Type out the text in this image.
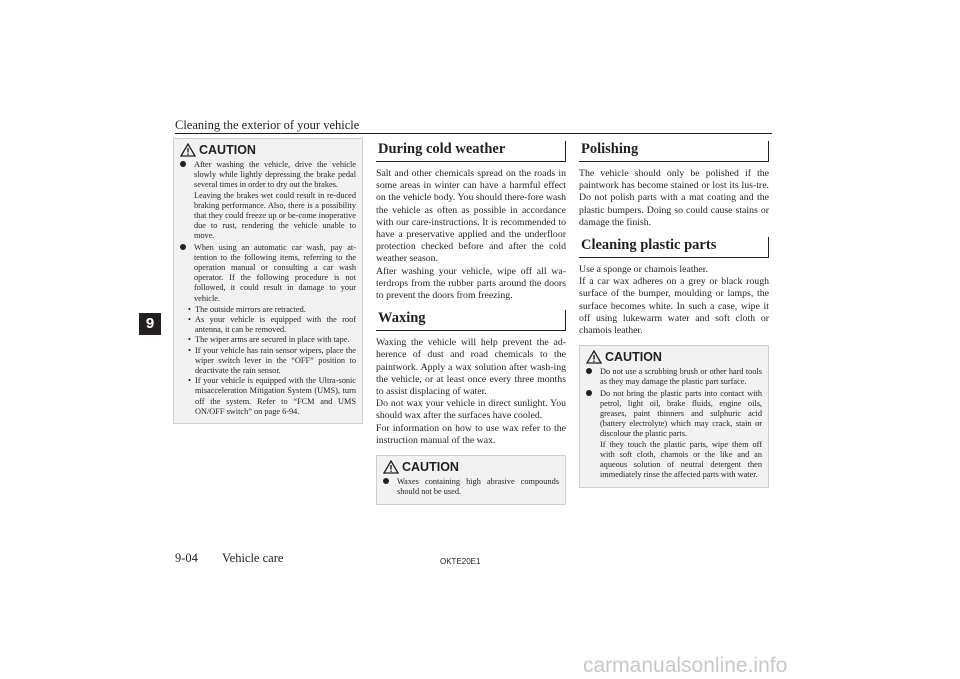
Cleaning the exterior of your vehicle
9
CAUTION

After washing the vehicle, drive the vehicle slowly while lightly depressing the brake pedal several times in order to dry out the brakes.

Leaving the brakes wet could result in re-duced braking performance. Also, there is a possibility that they could freeze up or be-come inoperative due to rust, rendering the vehicle unable to move.

When using an automatic car wash, pay at-tention to the following items, referring to the operation manual or consulting a car wash operator. If the following procedure is not followed, it could result in damage to your vehicle.

• The outside mirrors are retracted.
• As your vehicle is equipped with the roof antenna, it can be removed.
• The wiper arms are secured in place with tape.
• If your vehicle has rain sensor wipers, place the wiper switch lever in the “OFF” position to deactivate the rain sensor.
• If your vehicle is equipped with the Ultra-sonic misacceleration Mitigation System (UMS), turn off the system. Refer to “FCM and UMS ON/OFF switch” on page 6-94.
During cold weather

Salt and other chemicals spread on the roads in some areas in winter can have a harmful effect on the vehicle body. You should there-fore wash the vehicle as often as possible in accordance with our care-instructions. It is recommended to have a preservative applied and the underfloor protection checked before and after the cold weather season.

After washing your vehicle, wipe off all wa-terdrops from the rubber parts around the doors to prevent the doors from freezing.

Waxing

Waxing the vehicle will help prevent the ad-herence of dust and road chemicals to the paintwork. Apply a wax solution after wash-ing the vehicle, or at least once every three months to assist displacing of water.

Do not wax your vehicle in direct sunlight. You should wax after the surfaces have cooled.

For information on how to use wax refer to the instruction manual of the wax.

CAUTION

Waxes containing high abrasive compounds should not be used.

Polishing

The vehicle should only be polished if the paintwork has become stained or lost its lus-tre. Do not polish parts with a mat coating and the plastic bumpers. Doing so could cause stains or damage the finish.

Cleaning plastic parts

Use a sponge or chamois leather.

If a car wax adheres on a grey or black rough surface of the bumper, moulding or lamps, the surface becomes white. In such a case, wipe it off using lukewarm water and soft cloth or chamois leather.

CAUTION

Do not use a scrubbing brush or other hard tools as they may damage the plastic part surface.

Do not bring the plastic parts into contact with petrol, light oil, brake fluids, engine oils, greases, paint thinners and sulphuric acid (battery electrolyte) which may crack, stain or discolour the plastic parts.

If they touch the plastic parts, wipe them off with soft cloth, chamois or the like and an aqueous solution of neutral detergent then immediately rinse the affected parts with water.

9-04 Vehicle care	OKTE20E1
carmanualsonline.info
